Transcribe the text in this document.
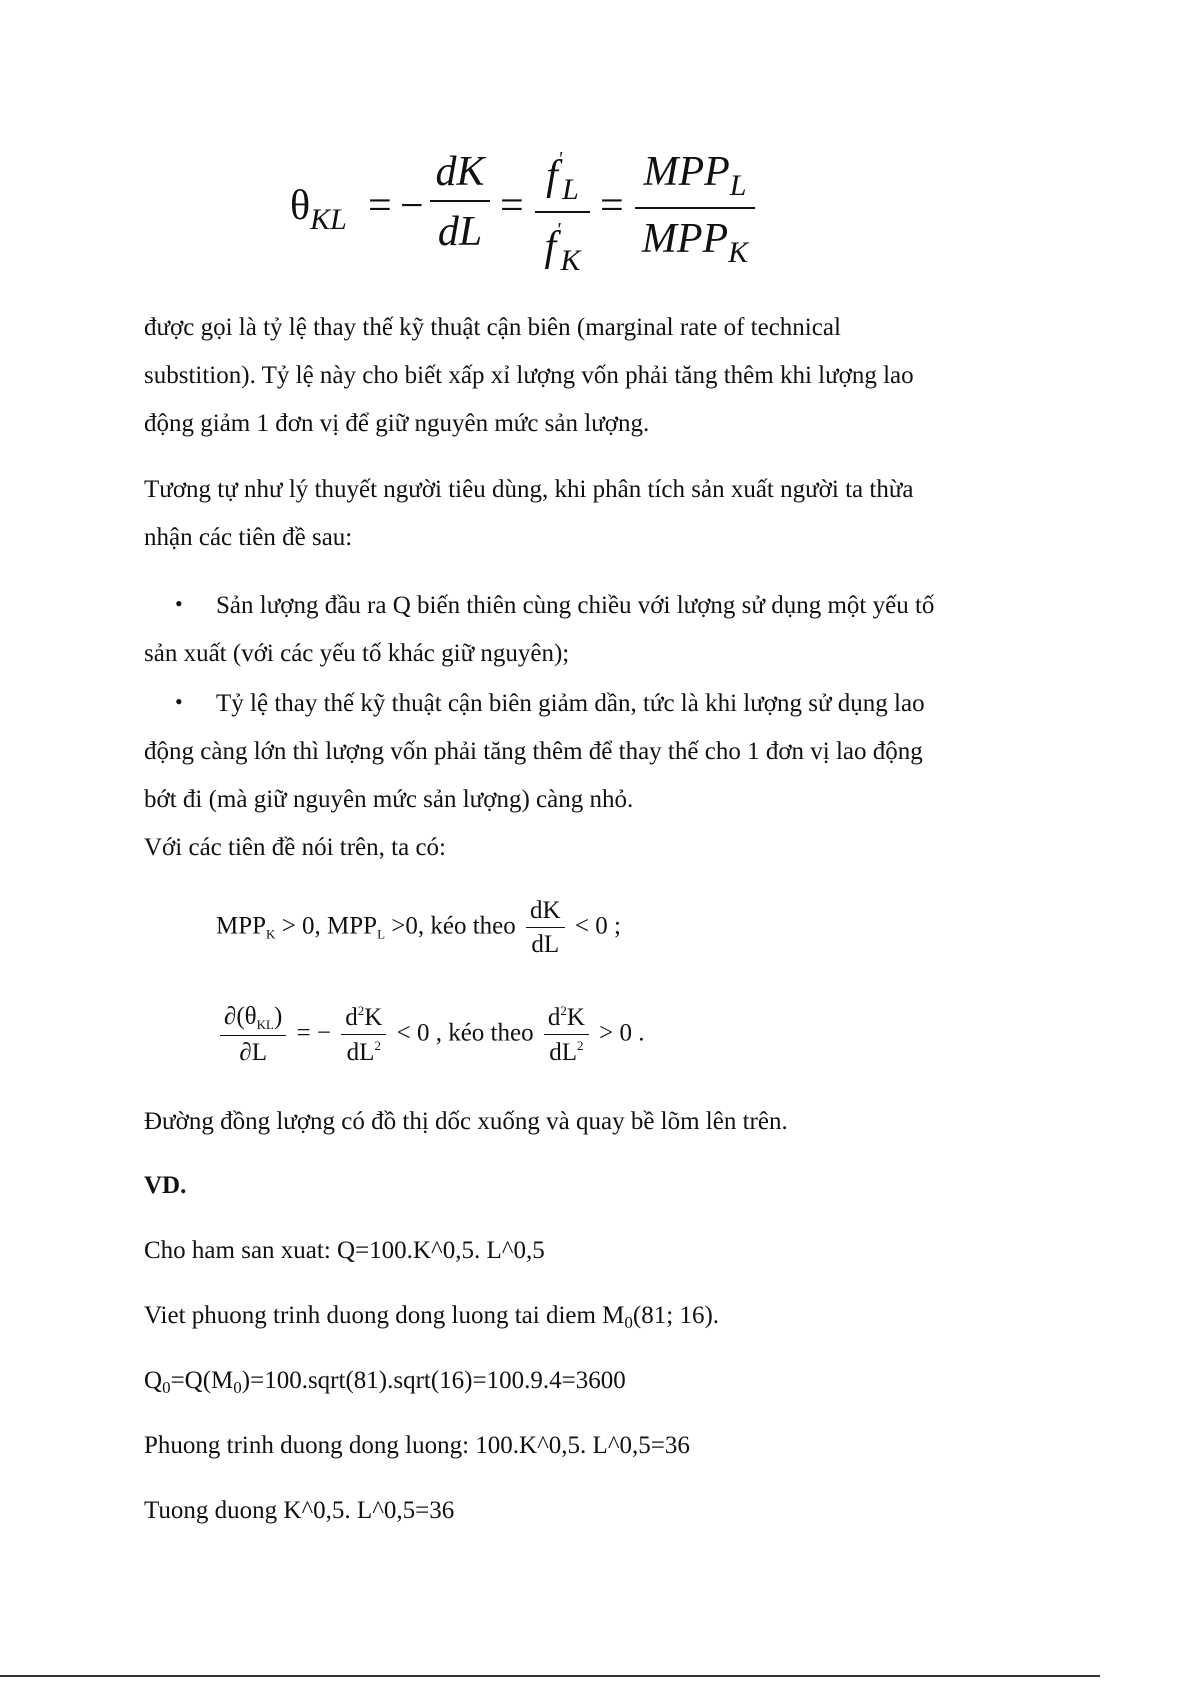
$\theta_{KL}$ = −
dK
dL
=
$f'_L$
$f'_K$
=
$MPP_L$
$MPP_K$

được gọi là tỷ lệ thay thế kỹ thuật cận biên (marginal rate of technical
substition). Tỷ lệ này cho biết xấp xỉ lượng vốn phải tăng thêm khi lượng lao
động giảm 1 đơn vị để giữ nguyên mức sản lượng.

Tương tự như lý thuyết người tiêu dùng, khi phân tích sản xuất người ta thừa
nhận các tiên đề sau:

•	Sản lượng đầu ra Q biến thiên cùng chiều với lượng sử dụng một yếu tố
sản xuất (với các yếu tố khác giữ nguyên);

•	Tỷ lệ thay thế kỹ thuật cận biên giảm dần, tức là khi lượng sử dụng lao
động càng lớn thì lượng vốn phải tăng thêm để thay thế cho 1 đơn vị lao động
bớt đi (mà giữ nguyên mức sản lượng) càng nhỏ.

Với các tiên đề nói trên, ta có:

$MPP_K > 0$, $MPP_L >0$, kéo theo $\frac{dK}{dL} < 0$ ;
$\partial(\theta_{KL})$
∂L
= − $\frac{d^2K}{dL^2} < 0$ , kéo theo $\frac{d^2K}{dL^2} > 0$ .

Đường đồng lượng có đồ thị dốc xuống và quay bề lõm lên trên.

VD.

Cho ham san xuat: Q=100.K^0,5. L^0,5

Viet phuong trinh duong dong luong tai diem $M_0(81$; 16).

$Q_0=Q(M_0)=100.sqrt(81).sqrt(16)=100.9.4=3600$

Phuong trinh duong dong luong: 100.K^0,5. L^0,5=36

Tuong duong K^0,5. L^0,5=36
